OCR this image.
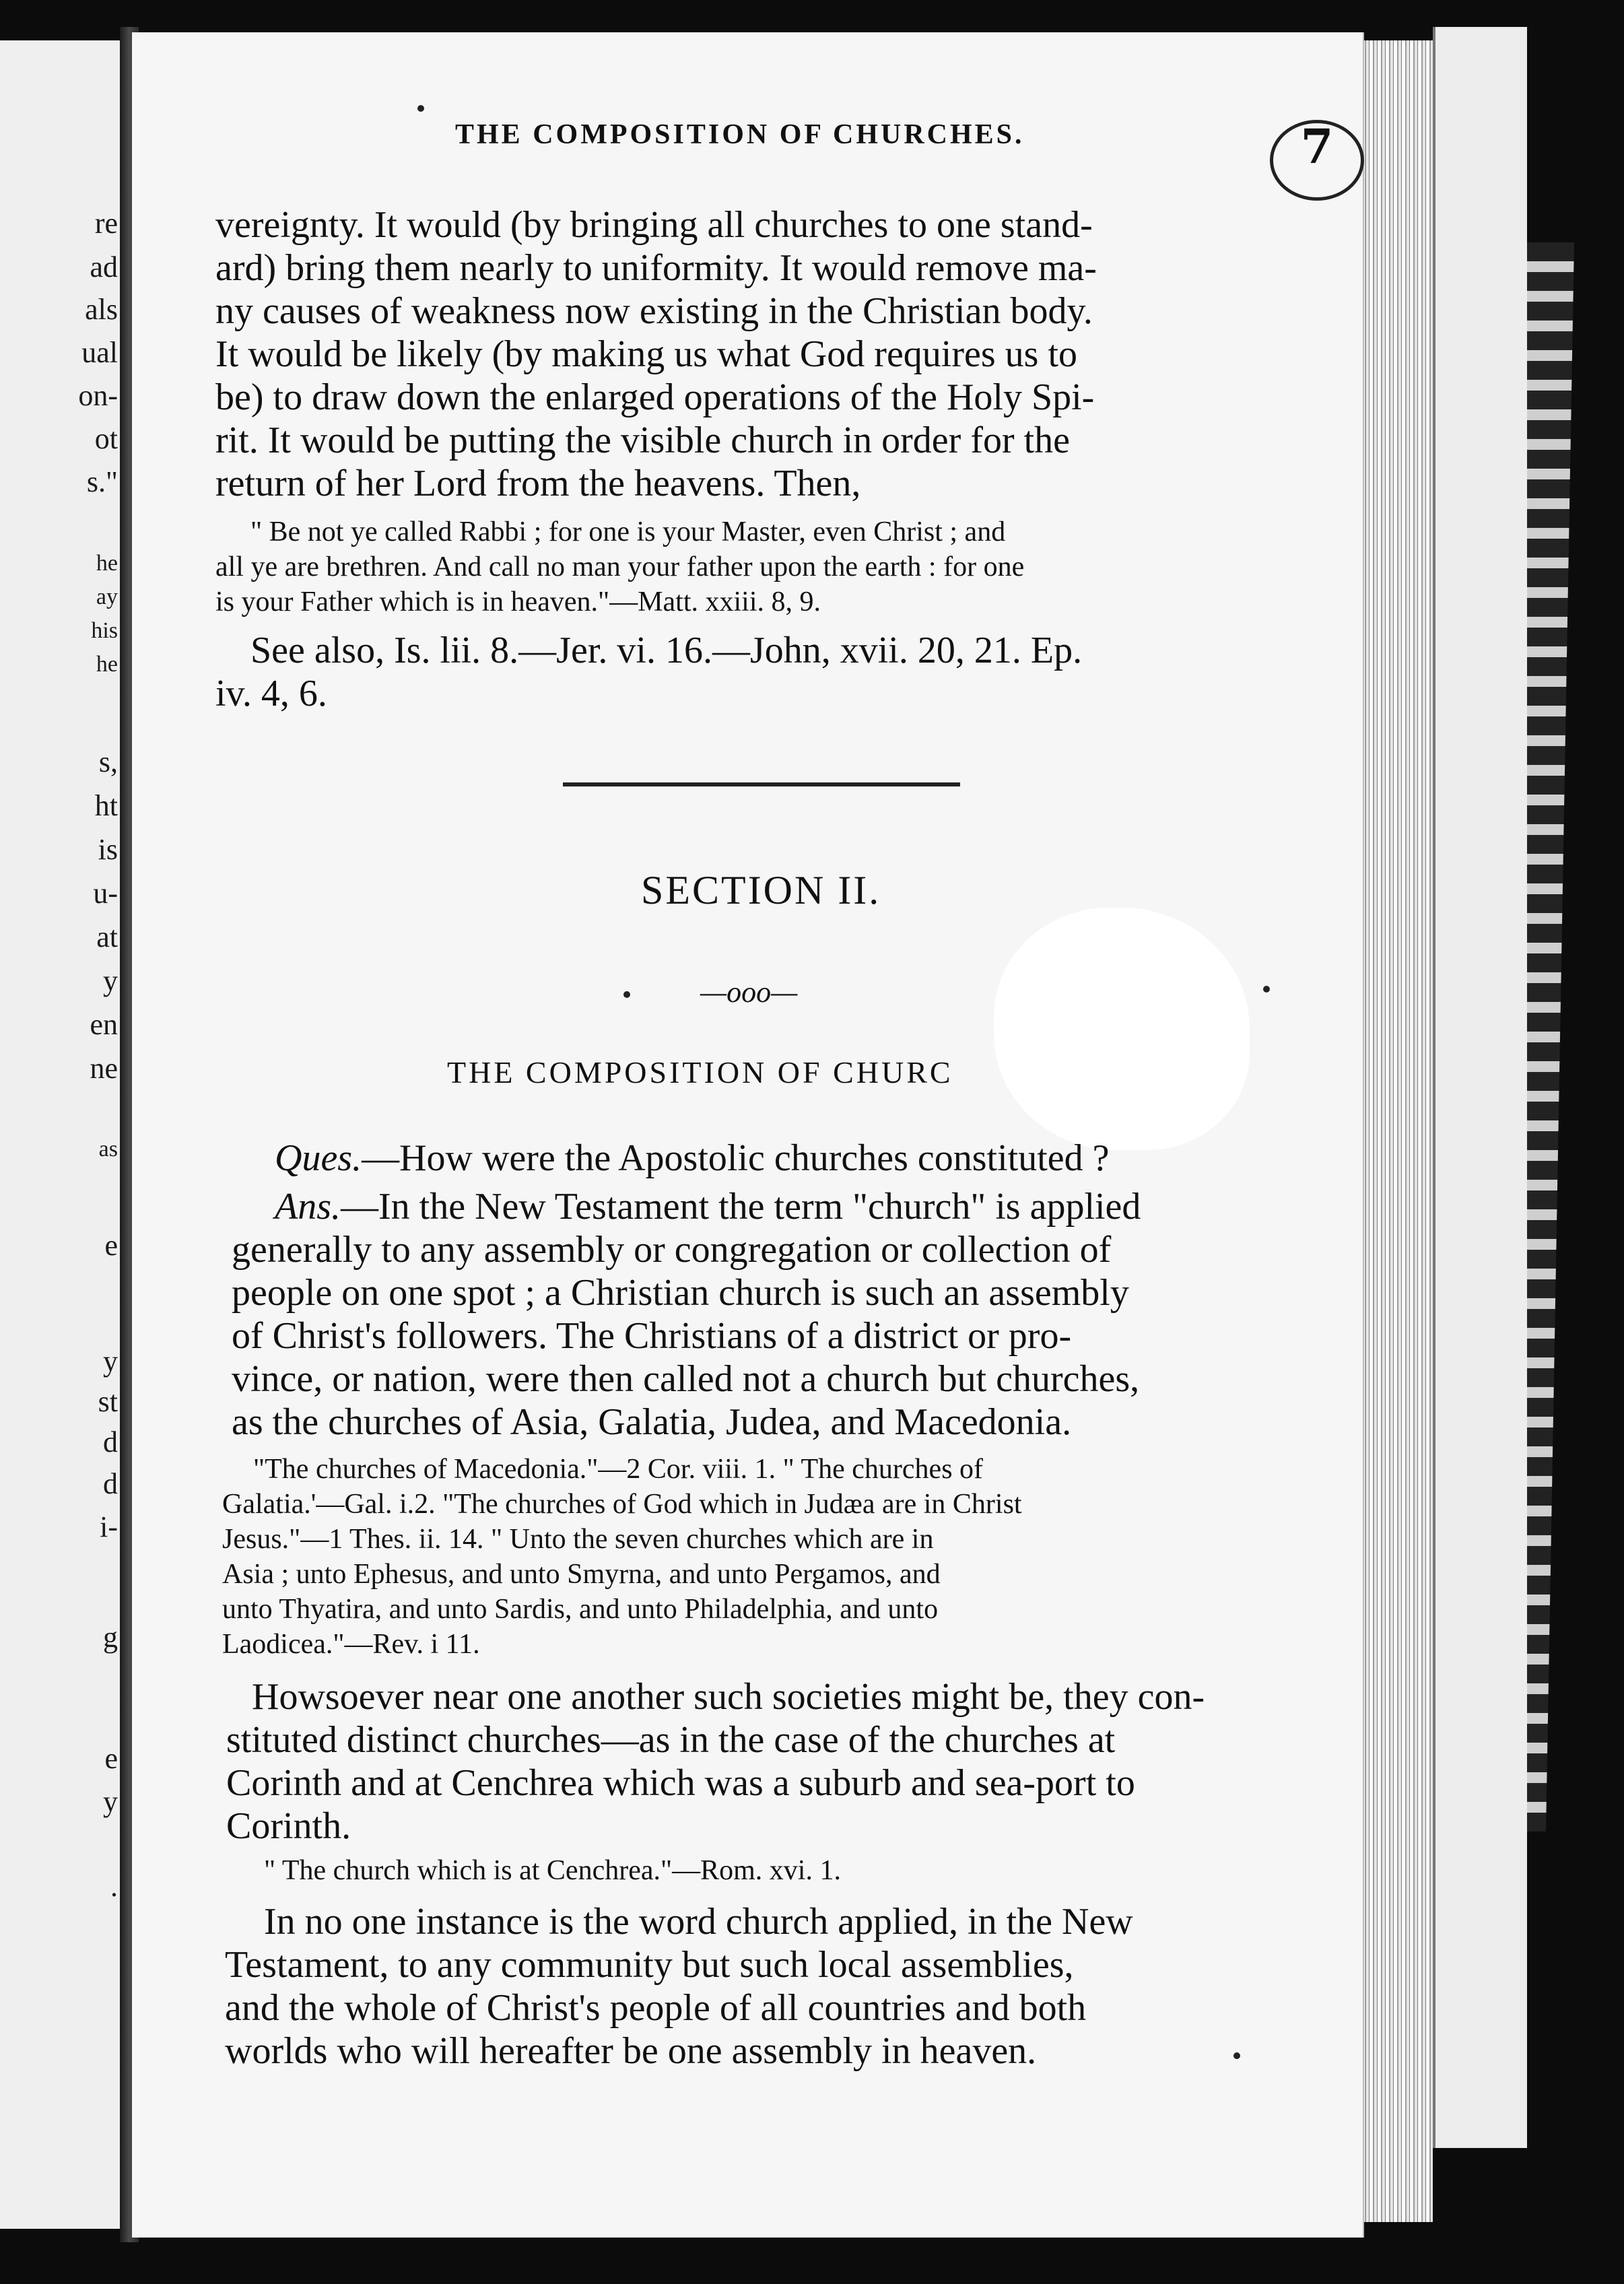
re
ad
als
ual
on-
ot
s."
he
ay
his
he
s,
ht
is
u-
at
y
en
ne
as
e
y
st
d
d
i-
g
e
y
.
THE COMPOSITION OF CHURCHES.	7
vereignty. It would (by bringing all churches to one stand-
ard) bring them nearly to uniformity. It would remove ma-
ny causes of weakness now existing in the Christian body.
It would be likely (by making us what God requires us to
be) to draw down the enlarged operations of the Holy Spi-
rit. It would be putting the visible church in order for the
return of her Lord from the heavens. Then,
" Be not ye called Rabbi ; for one is your Master, even Christ ; and
all ye are brethren. And call no man your father upon the earth : for one
is your Father which is in heaven."—Matt. xxiii. 8, 9.
See also, Is. lii. 8.—Jer. vi. 16.—John, xvii. 20, 21. Ep.
iv. 4, 6.
SECTION II.
—ooo—
THE COMPOSITION OF CHURC
Ques.—How were the Apostolic churches constituted ?
Ans.—In the New Testament the term "church" is applied
generally to any assembly or congregation or collection of
people on one spot ; a Christian church is such an assembly
of Christ's followers. The Christians of a district or pro-
vince, or nation, were then called not a church but churches,
as the churches of Asia, Galatia, Judea, and Macedonia.
"The churches of Macedonia."—2 Cor. viii. 1. " The churches of
Galatia.'—Gal. i.2. "The churches of God which in Judæa are in Christ
Jesus."—1 Thes. ii. 14. " Unto the seven churches which are in
Asia ; unto Ephesus, and unto Smyrna, and unto Pergamos, and
unto Thyatira, and unto Sardis, and unto Philadelphia, and unto
Laodicea."—Rev. i 11.
Howsoever near one another such societies might be, they con-
stituted distinct churches—as in the case of the churches at
Corinth and at Cenchrea which was a suburb and sea-port to
Corinth.
" The church which is at Cenchrea."—Rom. xvi. 1.
In no one instance is the word church applied, in the New
Testament, to any community but such local assemblies,
and the whole of Christ's people of all countries and both
worlds who will hereafter be one assembly in heaven.
